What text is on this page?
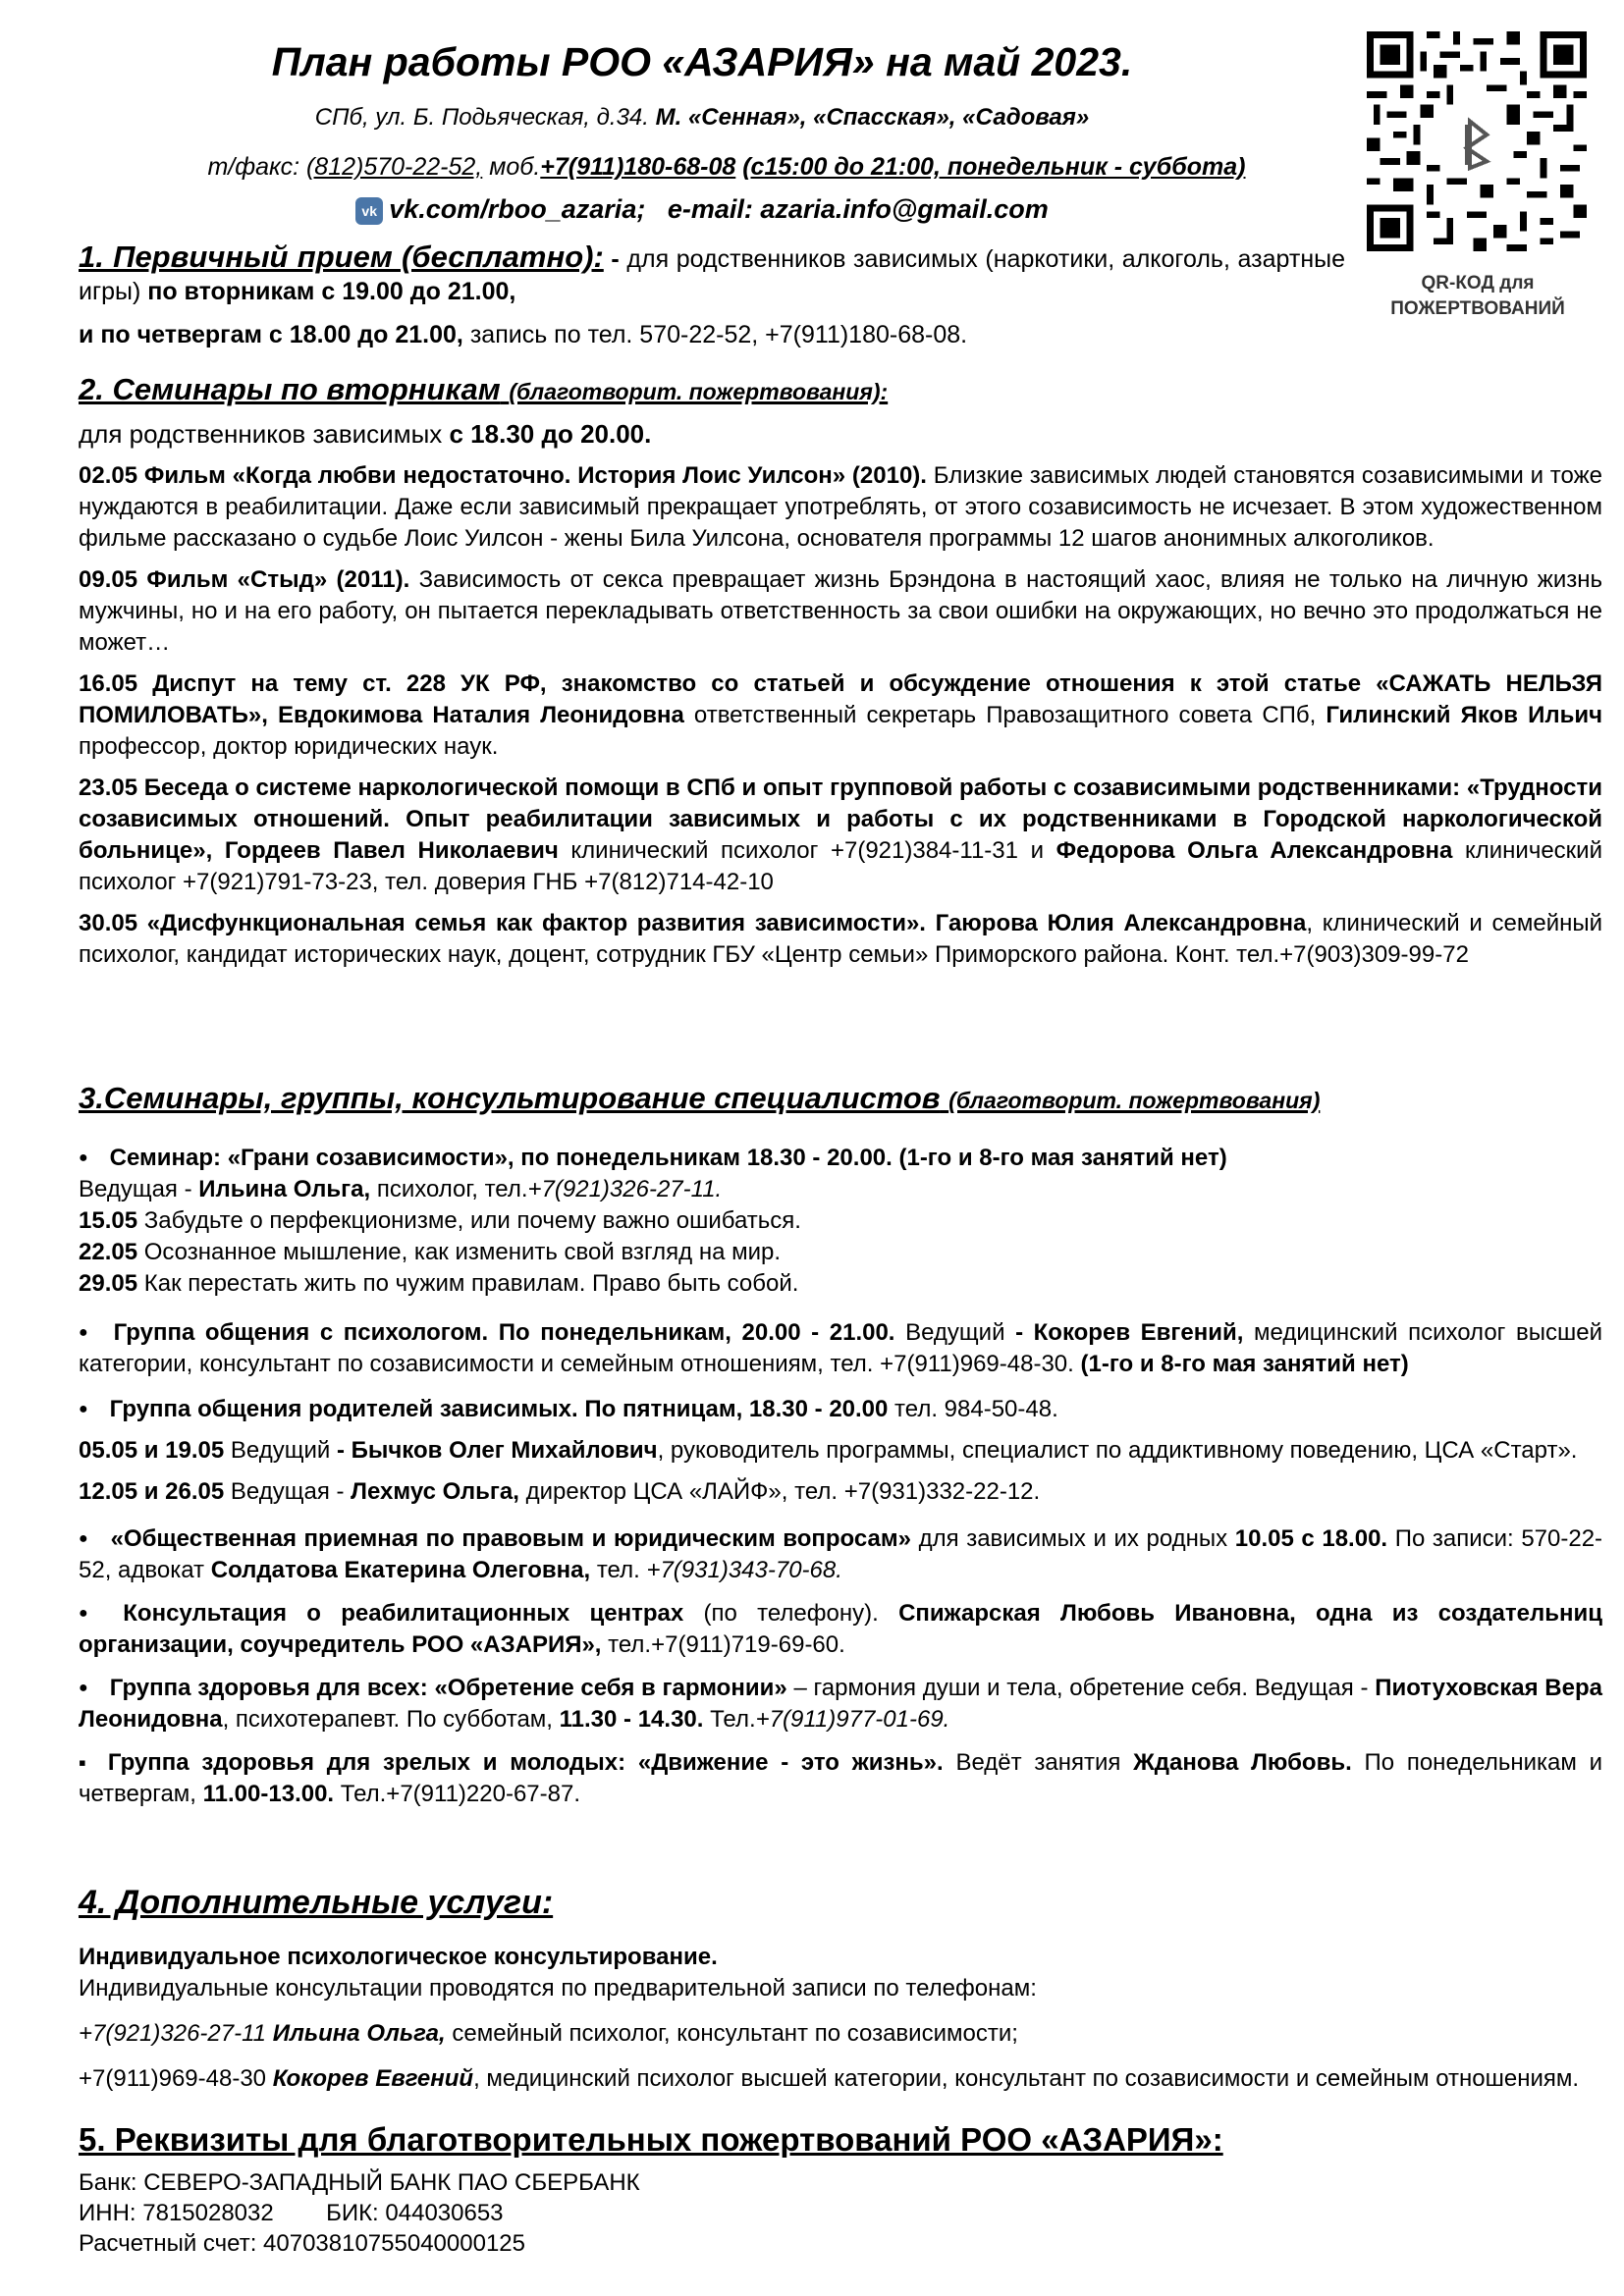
План работы РОО «АЗАРИЯ» на май 2023.
СПб, ул. Б. Подьяческая, д.34. М. «Сенная», «Спасская», «Садовая»
т/факс: (812)570-22-52, моб.+7(911)180-68-08 (с15:00 до 21:00, понедельник - суббота)
vk vk.com/rboo_azaria; e-mail: azaria.info@gmail.com
QR-КОД для
ПОЖЕРТВОВАНИЙ
1. Первичный прием (бесплатно): - для родственников зависимых (наркотики, алкоголь, азартные игры) по вторникам с 19.00 до 21.00,
и по четвергам с 18.00 до 21.00, запись по тел. 570-22-52, +7(911)180-68-08.
2. Семинары по вторникам (благотворит. пожертвования):
для родственников зависимых с 18.30 до 20.00.

02.05 Фильм «Когда любви недостаточно. История Лоис Уилсон» (2010). Близкие зависимых людей становятся созависимыми и тоже нуждаются в реабилитации. Даже если зависимый прекращает употреблять, от этого созависимость не исчезает. В этом художественном фильме рассказано о судьбе Лоис Уилсон - жены Била Уилсона, основателя программы 12 шагов анонимных алкоголиков.

09.05 Фильм «Стыд» (2011). Зависимость от секса превращает жизнь Брэндона в настоящий хаос, влияя не только на личную жизнь мужчины, но и на его работу, он пытается перекладывать ответственность за свои ошибки на окружающих, но вечно это продолжаться не может…

16.05 Диспут на тему ст. 228 УК РФ, знакомство со статьей и обсуждение отношения к этой статье «САЖАТЬ НЕЛЬЗЯ ПОМИЛОВАТЬ», Евдокимова Наталия Леонидовна ответственный секретарь Правозащитного совета СПб, Гилинский Яков Ильич профессор, доктор юридических наук.

23.05 Беседа о системе наркологической помощи в СПб и опыт групповой работы с созависимыми родственниками: «Трудности созависимых отношений. Опыт реабилитации зависимых и работы с их родственниками в Городской наркологической больнице», Гордеев Павел Николаевич клинический психолог +7(921)384-11-31 и Федорова Ольга Александровна клинический психолог +7(921)791-73-23, тел. доверия ГНБ +7(812)714-42-10

30.05 «Дисфункциональная семья как фактор развития зависимости». Гаюрова Юлия Александровна, клинический и семейный психолог, кандидат исторических наук, доцент, сотрудник ГБУ «Центр семьи» Приморского района. Конт. тел.+7(903)309-99-72

3.Семинары, группы, консультирование специалистов (благотворит. пожертвования)

● Семинар: «Грани созависимости», по понедельникам 18.30 - 20.00. (1-го и 8-го мая занятий нет)
Ведущая - Ильина Ольга, психолог, тел.+7(921)326-27-11.
15.05 Забудьте о перфекционизме, или почему важно ошибаться.
22.05 Осознанное мышление, как изменить свой взгляд на мир.
29.05 Как перестать жить по чужим правилам. Право быть собой.

● Группа общения с психологом. По понедельникам, 20.00 - 21.00. Ведущий - Кокорев Евгений, медицинский психолог высшей категории, консультант по созависимости и семейным отношениям, тел. +7(911)969-48-30. (1-го и 8-го мая занятий нет)

● Группа общения родителей зависимых. По пятницам, 18.30 - 20.00 тел. 984-50-48.

05.05 и 19.05 Ведущий - Бычков Олег Михайлович, руководитель программы, специалист по аддиктивному поведению, ЦСА «Старт».

12.05 и 26.05 Ведущая - Лехмус Ольга, директор ЦСА «ЛАЙФ», тел. +7(931)332-22-12.

● «Общественная приемная по правовым и юридическим вопросам» для зависимых и их родных 10.05 с 18.00. По записи: 570-22-52, адвокат Солдатова Екатерина Олеговна, тел. +7(931)343-70-68.

● Консультация о реабилитационных центрах (по телефону). Спижарская Любовь Ивановна, одна из создательниц организации, соучредитель РОО «АЗАРИЯ», тел.+7(911)719-69-60.

● Группа здоровья для всех: «Обретение себя в гармонии» – гармония души и тела, обретение себя. Ведущая - Пиотуховская Вера Леонидовна, психотерапевт. По субботам, 11.30 - 14.30. Тел.+7(911)977-01-69.

▪ Группа здоровья для зрелых и молодых: «Движение - это жизнь». Ведёт занятия Жданова Любовь. По понедельникам и четвергам, 11.00-13.00. Тел.+7(911)220-67-87.

4. Дополнительные услуги:

Индивидуальное психологическое консультирование.

Индивидуальные консультации проводятся по предварительной записи по телефонам:

+7(921)326-27-11 Ильина Ольга, семейный психолог, консультант по созависимости;

+7(911)969-48-30 Кокорев Евгений, медицинский психолог высшей категории, консультант по созависимости и семейным отношениям.

5. Реквизиты для благотворительных пожертвований РОО «АЗАРИЯ»:
Банк: СЕВЕРО-ЗАПАДНЫЙ БАНК ПАО СБЕРБАНК
ИНН: 7815028032 БИК: 044030653
Расчетный счет: 40703810755040000125
